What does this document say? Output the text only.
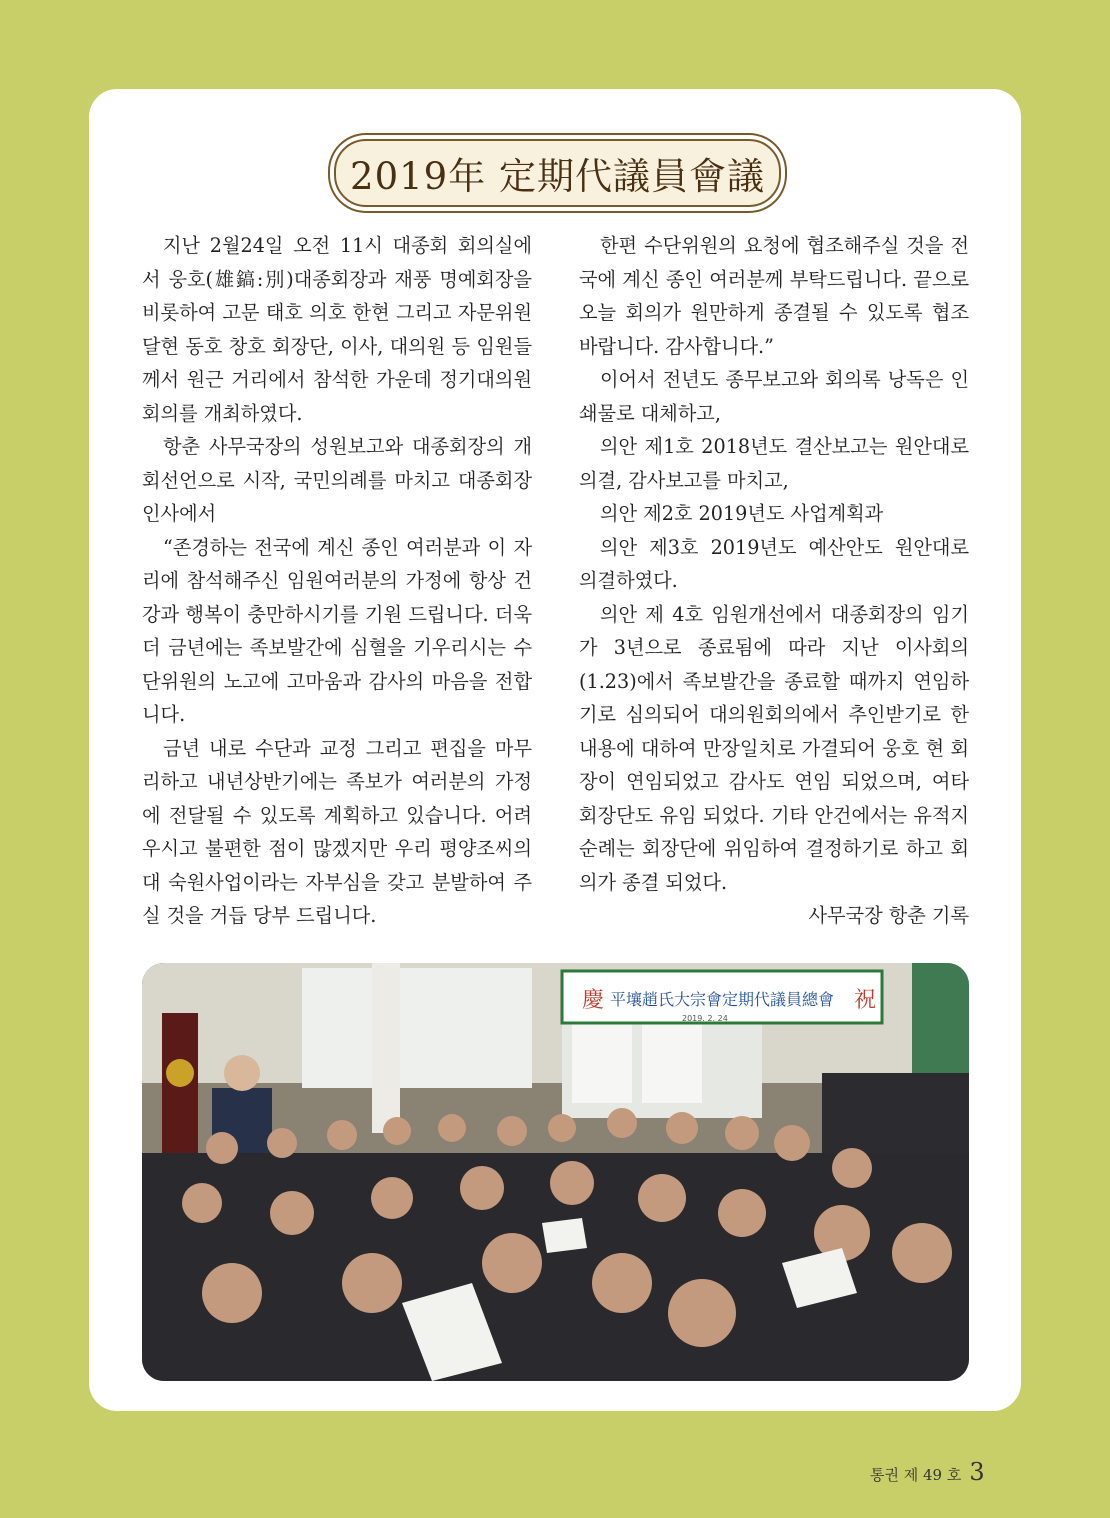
2019年 定期代議員會議

지난 2월24일 오전 11시 대종회 회의실에서 웅호(雄鎬:別)대종회장과 재풍 명예회장을 비롯하여 고문 태호 의호 한현 그리고 자문위원 달현 동호 창호 회장단, 이사, 대의원 등 임원들께서 원근 거리에서 참석한 가운데 정기대의원회의를 개최하였다.

항춘 사무국장의 성원보고와 대종회장의 개회선언으로 시작, 국민의례를 마치고 대종회장 인사에서

“존경하는 전국에 계신 종인 여러분과 이 자리에 참석해주신 임원여러분의 가정에 항상 건강과 행복이 충만하시기를 기원 드립니다. 더욱더 금년에는 족보발간에 심혈을 기우리시는 수단위원의 노고에 고마움과 감사의 마음을 전합니다.

금년 내로 수단과 교정 그리고 편집을 마무리하고 내년상반기에는 족보가 여러분의 가정에 전달될 수 있도록 계획하고 있습니다. 어려우시고 불편한 점이 많겠지만 우리 평양조씨의 대 숙원사업이라는 자부심을 갖고 분발하여 주실 것을 거듭 당부 드립니다.

한편 수단위원의 요청에 협조해주실 것을 전국에 계신 종인 여러분께 부탁드립니다. 끝으로 오늘 회의가 원만하게 종결될 수 있도록 협조 바랍니다. 감사합니다.”

이어서 전년도 종무보고와 회의록 낭독은 인쇄물로 대체하고,

의안 제1호 2018년도 결산보고는 원안대로 의결, 감사보고를 마치고,

의안 제2호 2019년도 사업계획과

의안 제3호 2019년도 예산안도 원안대로 의결하였다.

의안 제 4호 임원개선에서 대종회장의 임기가 3년으로 종료됨에 따라 지난 이사회의(1.23)에서 족보발간을 종료할 때까지 연임하기로 심의되어 대의원회의에서 추인받기로 한 내용에 대하여 만장일치로 가결되어 웅호 현 회장이 연임되었고 감사도 연임 되었으며, 여타 회장단도 유임 되었다. 기타 안건에서는 유적지 순례는 회장단에 위임하여 결정하기로 하고 회의가 종결 되었다.

사무국장 항춘 기록

慶 平壤趙氏大宗會定期代議員總會 祝
2019. 2. 24
통권 제 49 호 3
